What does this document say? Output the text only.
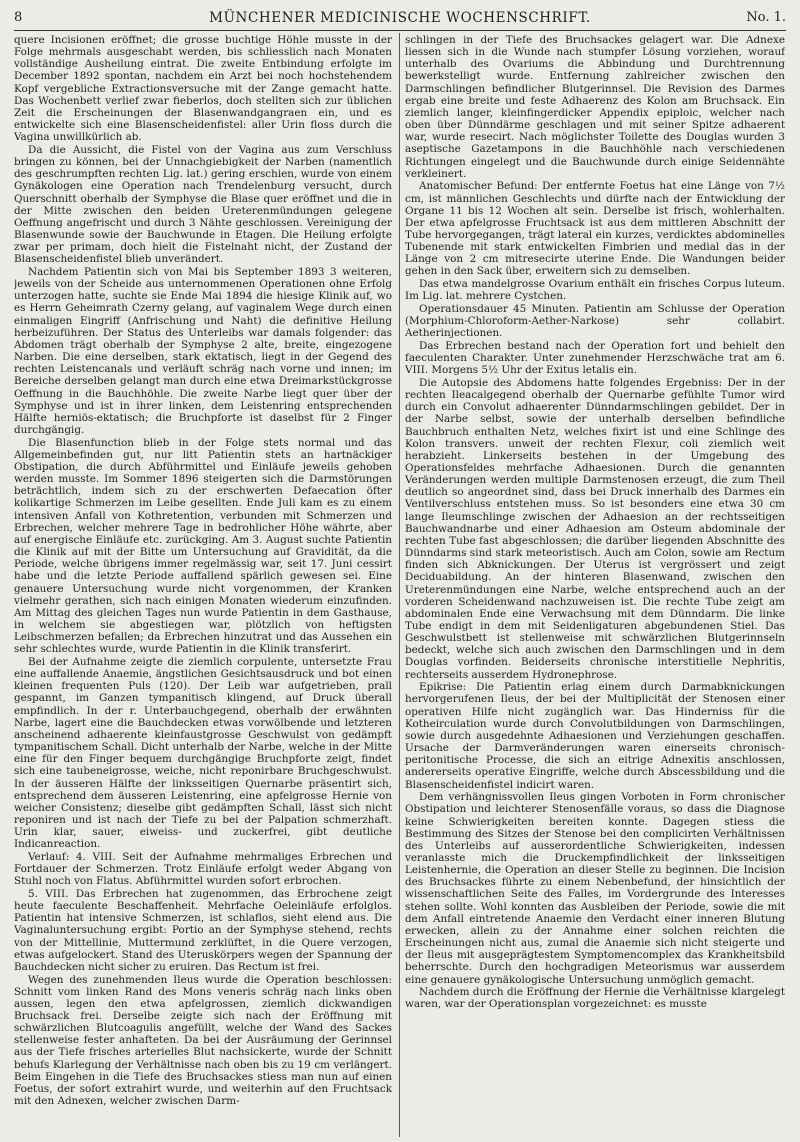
8	MÜNCHENER MEDICINISCHE WOCHENSCHRIFT.	No. 1.

quere Incisionen eröffnet; die grosse buchtige Höhle musste in der Folge mehrmals ausgeschabt werden, bis schliesslich nach Monaten vollständige Ausheilung eintrat. Die zweite Entbindung erfolgte im December 1892 spontan, nachdem ein Arzt bei noch hochstehendem Kopf vergebliche Extractionsversuche mit der Zange gemacht hatte. Das Wochenbett verlief zwar fieberlos, doch stellten sich zur üblichen Zeit die Erscheinungen der Blasenwandgangraen ein, und es entwickelte sich eine Blasenscheidenfistel: aller Urin floss durch die Vagina unwillkürlich ab.

Da die Aussicht, die Fistel von der Vagina aus zum Verschluss bringen zu können, bei der Unnachgiebigkeit der Narben (namentlich des geschrumpften rechten Lig. lat.) gering erschien, wurde von einem Gynäkologen eine Operation nach Trendelenburg versucht, durch Querschnitt oberhalb der Symphyse die Blase quer eröffnet und die in der Mitte zwischen den beiden Ureterenmündungen gelegene Oeffnung angefrischt und durch 3 Nähte geschlossen. Vereinigung der Blasenwunde sowie der Bauchwunde in Etagen. Die Heilung erfolgte zwar per primam, doch hielt die Fistelnaht nicht, der Zustand der Blasenscheidenfistel blieb unverändert.

Nachdem Patientin sich von Mai bis September 1893 3 weiteren, jeweils von der Scheide aus unternommenen Operationen ohne Erfolg unterzogen hatte, suchte sie Ende Mai 1894 die hiesige Klinik auf, wo es Herrn Geheimrath Czerny gelang, auf vaginalem Wege durch einen einmaligen Eingriff (Anfrischung und Naht) die definitive Heilung herbeizuführen. Der Status des Unterleibs war damals folgender: das Abdomen trägt oberhalb der Symphyse 2 alte, breite, eingezogene Narben. Die eine derselben, stark ektatisch, liegt in der Gegend des rechten Leistencanals und verläuft schräg nach vorne und innen; im Bereiche derselben gelangt man durch eine etwa Dreimarkstückgrosse Oeffnung in die Bauchhöhle. Die zweite Narbe liegt quer über der Symphyse und ist in ihrer linken, dem Leistenring entsprechenden Hälfte herniös-ektatisch; die Bruchpforte ist daselbst für 2 Finger durchgängig.

Die Blasenfunction blieb in der Folge stets normal und das Allgemeinbefinden gut, nur litt Patientin stets an hartnäckiger Obstipation, die durch Abführmittel und Einläufe jeweils gehoben werden musste. Im Sommer 1896 steigerten sich die Darmstörungen beträchtlich, indem sich zu der erschwerten Defaecation öfter kolikartige Schmerzen im Leibe gesellten. Ende Juli kam es zu einem intensiven Anfall von Kothretention, verbunden mit Schmerzen und Erbrechen, welcher mehrere Tage in bedrohlicher Höhe währte, aber auf energische Einläufe etc. zurückging. Am 3. August suchte Patientin die Klinik auf mit der Bitte um Untersuchung auf Gravidität, da die Periode, welche übrigens immer regelmässig war, seit 17. Juni cessirt habe und die letzte Periode auffallend spärlich gewesen sei. Eine genauere Untersuchung wurde nicht vorgenommen, der Kranken vielmehr gerathen, sich nach einigen Monaten wiederum einzufinden. Am Mittag des gleichen Tages nun wurde Patientin in dem Gasthause, in welchem sie abgestiegen war, plötzlich von heftigsten Leibschmerzen befallen; da Erbrechen hinzutrat und das Aussehen ein sehr schlechtes wurde, wurde Patientin in die Klinik transferirt.

Bei der Aufnahme zeigte die ziemlich corpulente, untersetzte Frau eine auffallende Anaemie, ängstlichen Gesichtsausdruck und bot einen kleinen frequenten Puls (120). Der Leib war aufgetrieben, prall gespannt, im Ganzen tympanitisch klingend, auf Druck überall empfindlich. In der r. Unterbauchgegend, oberhalb der erwähnten Narbe, lagert eine die Bauchdecken etwas vorwölbende und letzteren anscheinend adhaerente kleinfaustgrosse Geschwulst von gedämpft tympanitischem Schall. Dicht unterhalb der Narbe, welche in der Mitte eine für den Finger bequem durchgängige Bruchpforte zeigt, findet sich eine taubeneigrosse, weiche, nicht reponirbare Bruchgeschwulst. In der äusseren Hälfte der linksseitigen Quernarbe präsentirt sich, entsprechend dem äusseren Leistenring, eine apfelgrosse Hernie von weicher Consistenz; dieselbe gibt gedämpften Schall, lässt sich nicht reponiren und ist nach der Tiefe zu bei der Palpation schmerzhaft. Urin klar, sauer, eiweiss- und zuckerfrei, gibt deutliche Indicanreaction.

Verlauf: 4. VIII. Seit der Aufnahme mehrmaliges Erbrechen und Fortdauer der Schmerzen. Trotz Einläufe erfolgt weder Abgang von Stuhl noch von Flatus. Abführmittel wurden sofort erbrochen.

5. VIII. Das Erbrechen hat zugenommen, das Erbrochene zeigt heute faeculente Beschaffenheit. Mehrfache Oeleinläufe erfolglos. Patientin hat intensive Schmerzen, ist schlaflos, sieht elend aus. Die Vaginaluntersuchung ergibt: Portio an der Symphyse stehend, rechts von der Mittellinie, Muttermund zerklüftet, in die Quere verzogen, etwas aufgelockert. Stand des Uteruskörpers wegen der Spannung der Bauchdecken nicht sicher zu eruiren. Das Rectum ist frei.

Wegen des zunehmenden Ileus wurde die Operation beschlossen: Schnitt vom linken Rand des Mons veneris schräg nach links oben aussen, legen den etwa apfelgrossen, ziemlich dickwandigen Bruchsack frei. Derselbe zeigte sich nach der Eröffnung mit schwärzlichen Blutcoagulis angefüllt, welche der Wand des Sackes stellenweise fester anhafteten. Da bei der Ausräumung der Gerinnsel aus der Tiefe frisches arterielles Blut nachsickerte, wurde der Schnitt behufs Klarlegung der Verhältnisse nach oben bis zu 19 cm verlängert. Beim Eingehen in die Tiefe des Bruchsackes stiess man nun auf einen Foetus, der sofort extrahirt wurde, und weiterhin auf den Fruchtsack mit den Adnexen, welcher zwischen Darm-

schlingen in der Tiefe des Bruchsackes gelagert war. Die Adnexe liessen sich in die Wunde nach stumpfer Lösung vorziehen, worauf unterhalb des Ovariums die Abbindung und Durchtrennung bewerkstelligt wurde. Entfernung zahlreicher zwischen den Darmschlingen befindlicher Blutgerinnsel. Die Revision des Darmes ergab eine breite und feste Adhaerenz des Kolon am Bruchsack. Ein ziemlich langer, kleinfingerdicker Appendix epiploic, welcher nach oben über Dünndärme geschlagen und mit seiner Spitze adhaerent war, wurde resecirt. Nach möglichster Toilette des Douglas wurden 3 aseptische Gazetampons in die Bauchhöhle nach verschiedenen Richtungen eingelegt und die Bauchwunde durch einige Seidennähte verkleinert.

Anatomischer Befund: Der entfernte Foetus hat eine Länge von 7½ cm, ist männlichen Geschlechts und dürfte nach der Entwicklung der Organe 11 bis 12 Wochen alt sein. Derselbe ist frisch, wohlerhalten. Der etwa apfelgrosse Fruchtsack ist aus dem mittleren Abschnitt der Tube hervorgegangen, trägt lateral ein kurzes, verdicktes abdominelles Tubenende mit stark entwickelten Fimbrien und medial das in der Länge von 2 cm mitresecirte uterine Ende. Die Wandungen beider gehen in den Sack über, erweitern sich zu demselben.

Das etwa mandelgrosse Ovarium enthält ein frisches Corpus luteum. Im Lig. lat. mehrere Cystchen.

Operationsdauer 45 Minuten. Patientin am Schlusse der Operation (Morphium-Chloroform-Aether-Narkose) sehr collabirt. Aetherinjectionen.

Das Erbrechen bestand nach der Operation fort und behielt den faeculenten Charakter. Unter zunehmender Herzschwäche trat am 6. VIII. Morgens 5½ Uhr der Exitus letalis ein.

Die Autopsie des Abdomens hatte folgendes Ergebniss: Der in der rechten Ileacalgegend oberhalb der Quernarbe gefühlte Tumor wird durch ein Convolut adhaerenter Dünndarmschlingen gebildet. Der in der Narbe selbst, sowie der unterhalb derselben befindliche Bauchbruch enthalten Netz, welches fixirt ist und eine Schlinge des Kolon transvers. unweit der rechten Flexur, coli ziemlich weit herabzieht. Linkerseits bestehen in der Umgebung des Operationsfeldes mehrfache Adhaesionen. Durch die genannten Veränderungen werden multiple Darmstenosen erzeugt, die zum Theil deutlich so angeordnet sind, dass bei Druck innerhalb des Darmes ein Ventilverschluss entstehen muss. So ist besonders eine etwa 30 cm lange Ileumschlinge zwischen der Adhaesion an der rechtsseitigen Bauchwandnarbe und einer Adhaesion am Osteum abdominale der rechten Tube fast abgeschlossen; die darüber liegenden Abschnitte des Dünndarms sind stark meteoristisch. Auch am Colon, sowie am Rectum finden sich Abknickungen. Der Uterus ist vergrössert und zeigt Deciduabildung. An der hinteren Blasenwand, zwischen den Ureterenmündungen eine Narbe, welche entsprechend auch an der vorderen Scheidenwand nachzuweisen ist. Die rechte Tube zeigt am abdominalen Ende eine Verwachsung mit dem Dünndarm. Die linke Tube endigt in dem mit Seidenligaturen abgebundenen Stiel. Das Geschwulstbett ist stellenweise mit schwärzlichen Blutgerinnseln bedeckt, welche sich auch zwischen den Darmschlingen und in dem Douglas vorfinden. Beiderseits chronische interstitielle Nephritis, rechterseits ausserdem Hydronephrose.

Epikrise: Die Patientin erlag einem durch Darmabknickungen hervorgerufenen Ileus, der bei der Multiplicität der Stenosen einer operativen Hilfe nicht zugänglich war. Das Hinderniss für die Kotheirculation wurde durch Convolutbildungen von Darmschlingen, sowie durch ausgedehnte Adhaesionen und Verziehungen geschaffen. Ursache der Darmveränderungen waren einerseits chronisch-peritonitische Processe, die sich an eitrige Adnexitis anschlossen, andererseits operative Eingriffe, welche durch Abscessbildung und die Blasenscheidenfistel indicirt waren.

Dem verhängnissvollen Ileus gingen Vorboten in Form chronischer Obstipation und leichterer Stenosenfälle voraus, so dass die Diagnose keine Schwierigkeiten bereiten konnte. Dagegen stiess die Bestimmung des Sitzes der Stenose bei den complicirten Verhältnissen des Unterleibs auf ausserordentliche Schwierigkeiten, indessen veranlasste mich die Druckempfindlichkeit der linksseitigen Leistenhernie, die Operation an dieser Stelle zu beginnen. Die Incision des Bruchsackes führte zu einem Nebenbefund, der hinsichtlich der wissenschaftlichen Seite des Falles, im Vordergrunde des Interesses stehen sollte. Wohl konnten das Ausbleiben der Periode, sowie die mit dem Anfall eintretende Anaemie den Verdacht einer inneren Blutung erwecken, allein zu der Annahme einer solchen reichten die Erscheinungen nicht aus, zumal die Anaemie sich nicht steigerte und der Ileus mit ausgeprägtestem Symptomencomplex das Krankheitsbild beherrschte. Durch den hochgradigen Meteorismus war ausserdem eine genauere gynäkologische Untersuchung unmöglich gemacht.

Nachdem durch die Eröffnung der Hernie die Verhältnisse klargelegt waren, war der Operationsplan vorgezeichnet: es musste
